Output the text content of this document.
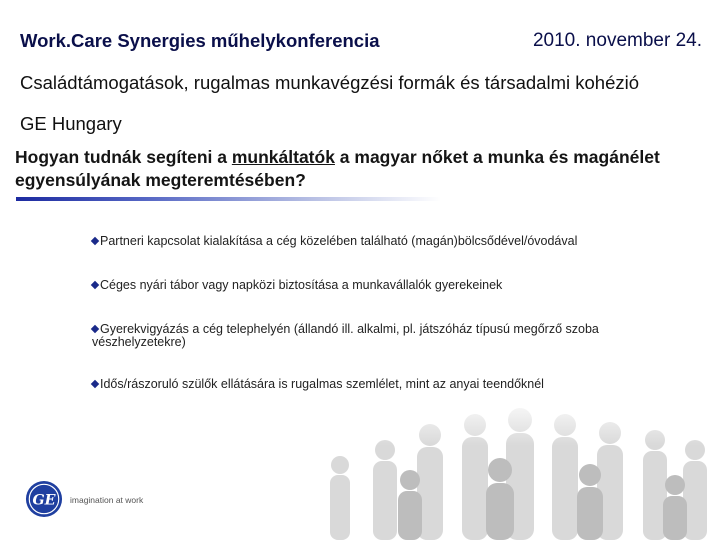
Work.Care Synergies műhelykonferencia	2010. november 24.
Családtámogatások, rugalmas munkavégzési formák és társadalmi kohézió
GE Hungary
Hogyan tudnák segíteni a munkáltatók a magyar nőket a munka és magánélet egyensúlyának megteremtésében?
Partneri kapcsolat kialakítása a cég közelében található (magán)bölcsődével/óvodával
Céges nyári tábor vagy napközi biztosítása a munkavállalók gyerekeinek
Gyerekvigyázás a cég telephelyén (állandó ill. alkalmi, pl. játszóház típusú megőrző szoba vészhelyzetekre)
Idős/rászoruló szülők ellátására is rugalmas szemlélet, mint az anyai teendőknél
GE imagination at work
